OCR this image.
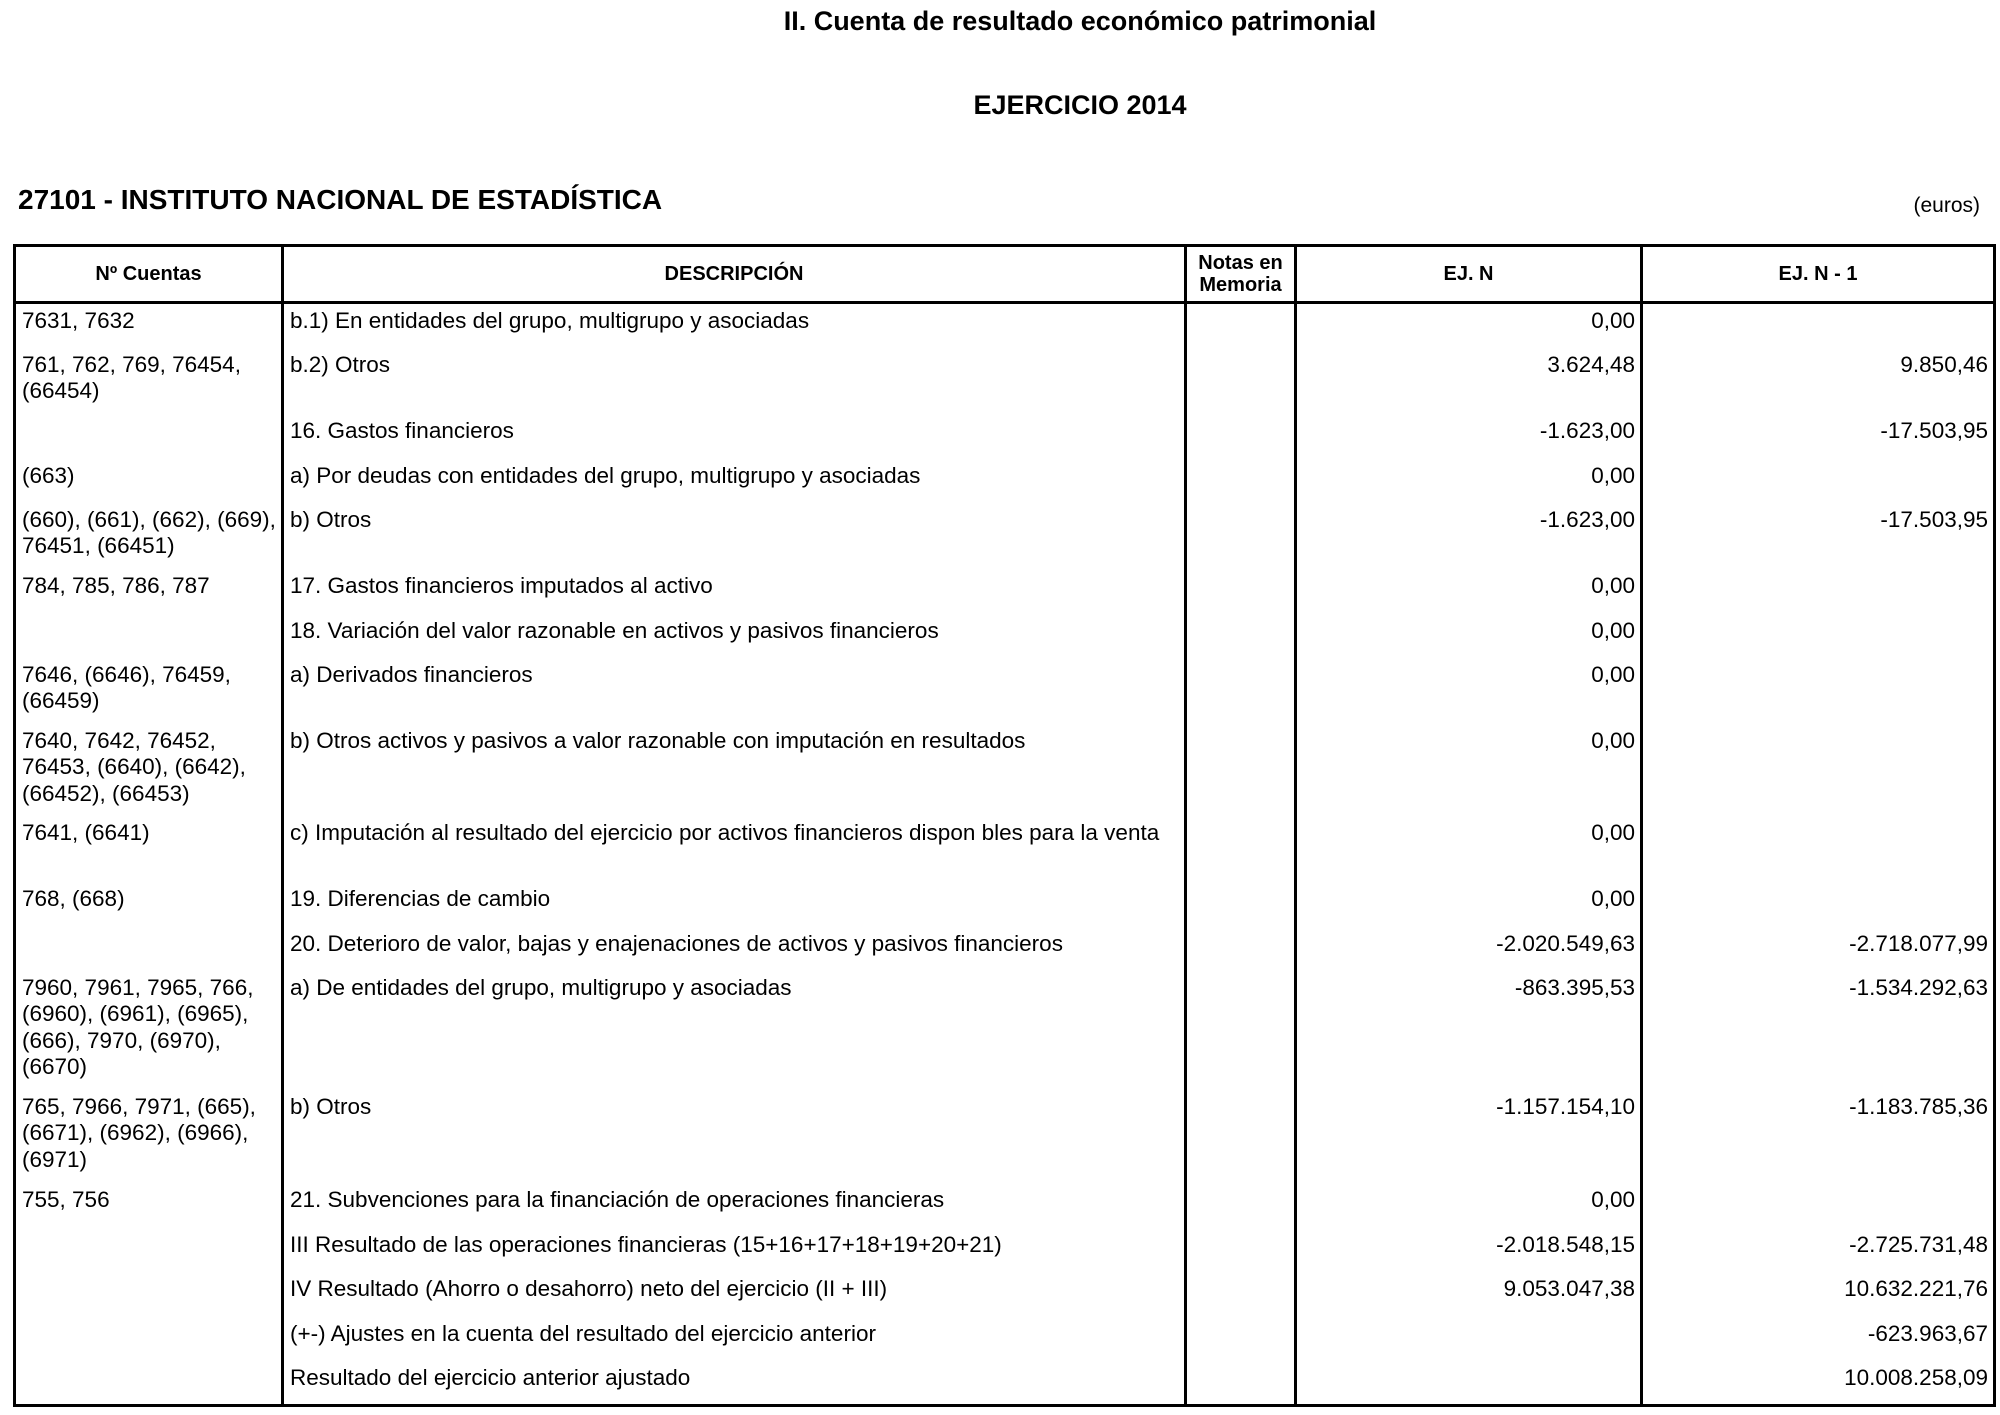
II. Cuenta de resultado económico patrimonial
EJERCICIO 2014
27101 - INSTITUTO NACIONAL DE ESTADÍSTICA	(euros)
Nº Cuentas	DESCRIPCIÓN	Notas en Memoria	EJ. N	EJ. N - 1
7631, 7632	b.1) En entidades del grupo, multigrupo y asociadas		0,00	
761, 762, 769, 76454, (66454)	b.2) Otros		3.624,48	9.850,46
	16. Gastos financieros		-1.623,00	-17.503,95
(663)	a) Por deudas con entidades del grupo, multigrupo y asociadas		0,00	
(660), (661), (662), (669), 76451, (66451)	b) Otros		-1.623,00	-17.503,95
784, 785, 786, 787	17. Gastos financieros imputados al activo		0,00	
	18. Variación del valor razonable en activos y pasivos financieros		0,00	
7646, (6646), 76459, (66459)	a) Derivados financieros		0,00	
7640, 7642, 76452, 76453, (6640), (6642), (66452), (66453)	b) Otros activos y pasivos a valor razonable con imputación en resultados		0,00	
7641, (6641)	c) Imputación al resultado del ejercicio por activos financieros dispon bles para la venta		0,00	
768, (668)	19. Diferencias de cambio		0,00	
	20. Deterioro de valor, bajas y enajenaciones de activos y pasivos financieros		-2.020.549,63	-2.718.077,99
7960, 7961, 7965, 766, (6960), (6961), (6965), (666), 7970, (6970), (6670)	a) De entidades del grupo, multigrupo y asociadas		-863.395,53	-1.534.292,63
765, 7966, 7971, (665), (6671), (6962), (6966), (6971)	b) Otros		-1.157.154,10	-1.183.785,36
755, 756	21. Subvenciones para la financiación de operaciones financieras		0,00	
	III Resultado de las operaciones financieras (15+16+17+18+19+20+21)		-2.018.548,15	-2.725.731,48
	IV Resultado (Ahorro o desahorro) neto del ejercicio (II + III)		9.053.047,38	10.632.221,76
	(+-) Ajustes en la cuenta del resultado del ejercicio anterior			-623.963,67
	Resultado del ejercicio anterior ajustado			10.008.258,09
